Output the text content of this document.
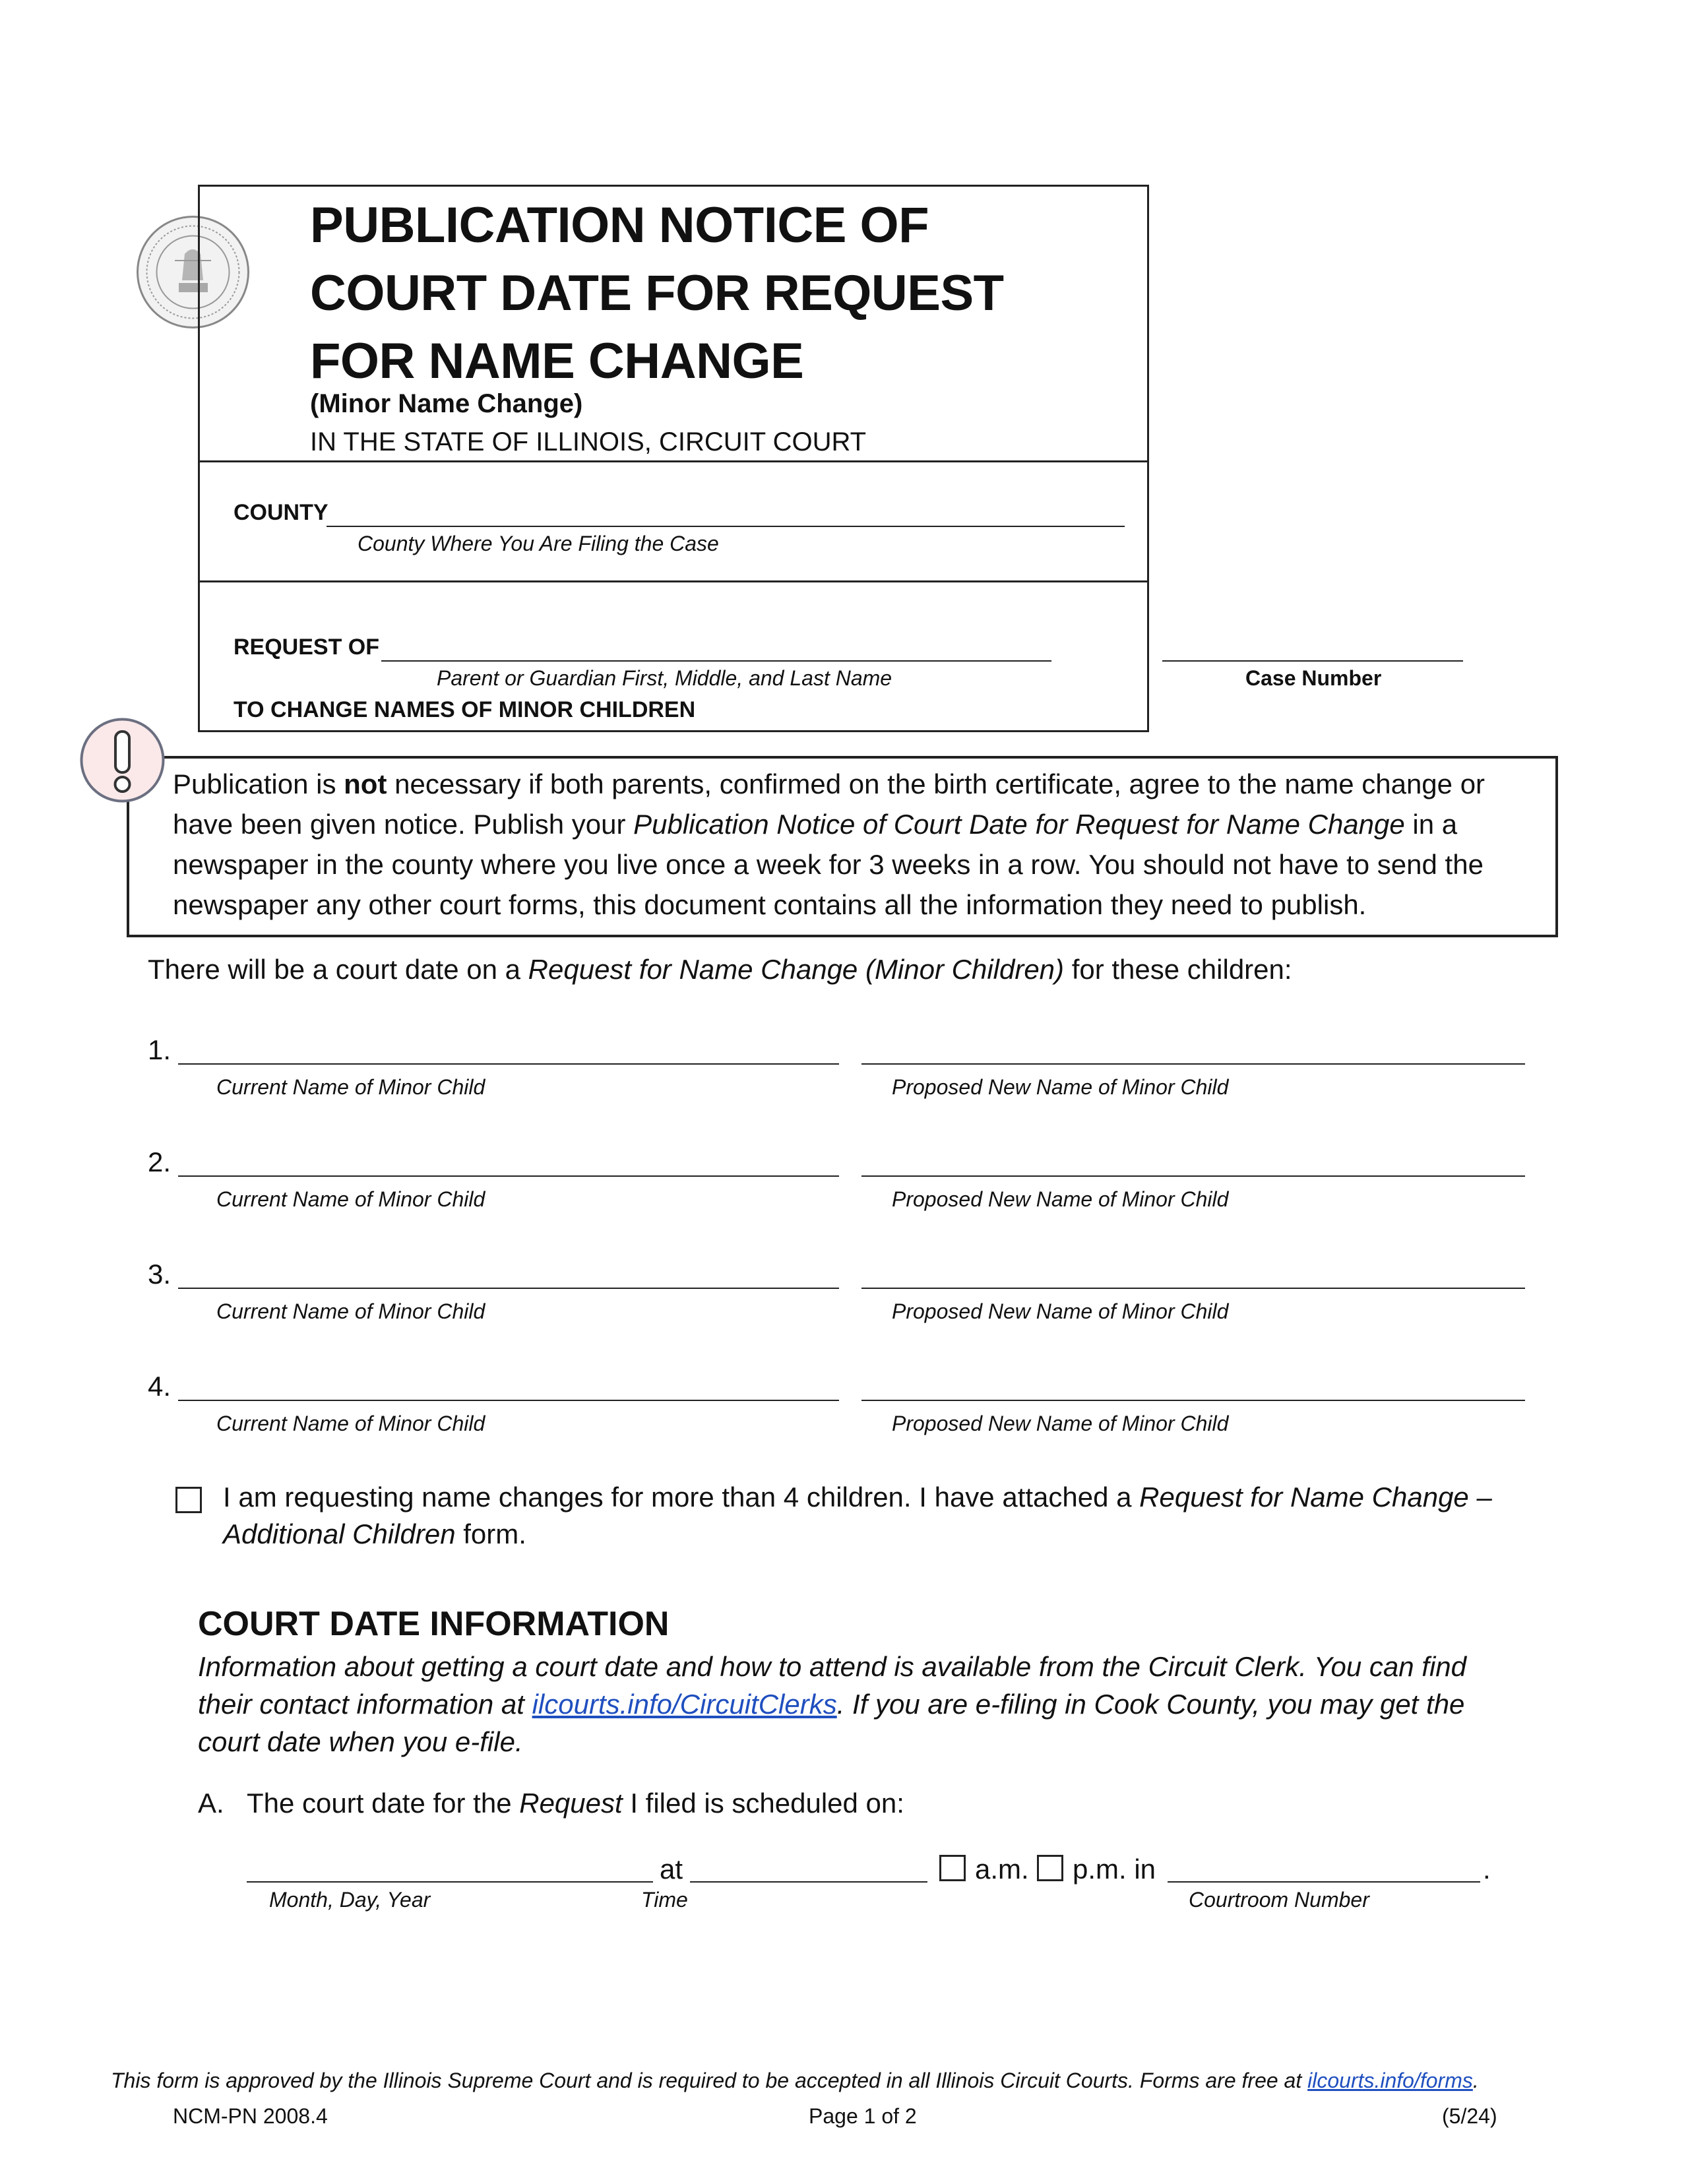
PUBLICATION NOTICE OF
COURT DATE FOR REQUEST
FOR NAME CHANGE
(Minor Name Change)
IN THE STATE OF ILLINOIS, CIRCUIT COURT
COUNTY
County Where You Are Filing the Case
REQUEST OF
Parent or Guardian First, Middle, and Last Name
TO CHANGE NAMES OF MINOR CHILDREN
Case Number
Publication is not necessary if both parents, confirmed on the birth certificate, agree to the name change or have been given notice. Publish your Publication Notice of Court Date for Request for Name Change in a newspaper in the county where you live once a week for 3 weeks in a row. You should not have to send the newspaper any other court forms, this document contains all the information they need to publish.
There will be a court date on a Request for Name Change (Minor Children) for these children:
1.
Current Name of Minor Child	Proposed New Name of Minor Child
2.
Current Name of Minor Child	Proposed New Name of Minor Child
3.
Current Name of Minor Child	Proposed New Name of Minor Child
4.
Current Name of Minor Child	Proposed New Name of Minor Child
I am requesting name changes for more than 4 children. I have attached a Request for Name Change – Additional Children form.
COURT DATE INFORMATION
Information about getting a court date and how to attend is available from the Circuit Clerk. You can find their contact information at ilcourts.info/CircuitClerks. If you are e-filing in Cook County, you may get the court date when you e-file.
A. The court date for the Request I filed is scheduled on:
at	a.m. p.m. in	.
Month, Day, Year	Time	Courtroom Number
This form is approved by the Illinois Supreme Court and is required to be accepted in all Illinois Circuit Courts. Forms are free at ilcourts.info/forms.
NCM-PN 2008.4	Page 1 of 2	(5/24)
